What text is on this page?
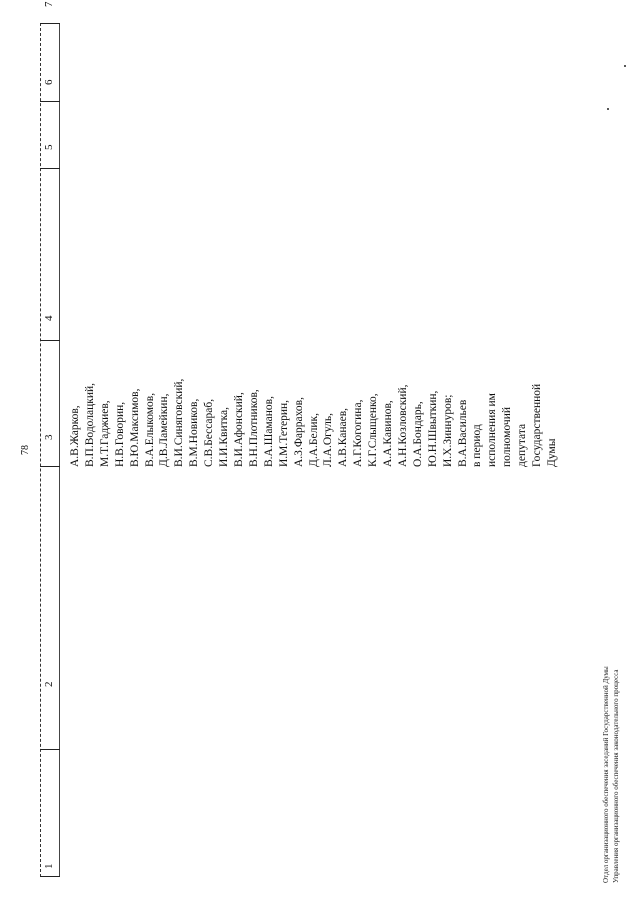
1
2
3
4
5
6
7
78	А.В.Жарков, В.П.Водолацкий, М.Т.Гаджиев, Н.В.Говорин, В.Ю.Максимов, В.А.Елыкомов, Д.В.Ламейкин, В.И.Синяговский, В.М.Новиков, С.В.Бессараб, И.И.Квитка, В.И.Афонский, В.Н.Плотников, В.А.Шаманов, И.М.Тетерин, А.З.Фаррахов, Д.А.Белик, Л.А.Огуль, А.В.Канаев, А.Г.Когогина, К.Г.Слыщенко, А.А.Кавинов, А.Н.Козловский, О.А.Бондарь, Ю.Н.Швыткин, И.Х.Зиннуров; В.А.Васильев в период исполнения им полномочий депутата Государственной Думы
Отдел организационного обеспечения заседаний Государственной Думы Управления организационного обеспечения законодательного процесса
